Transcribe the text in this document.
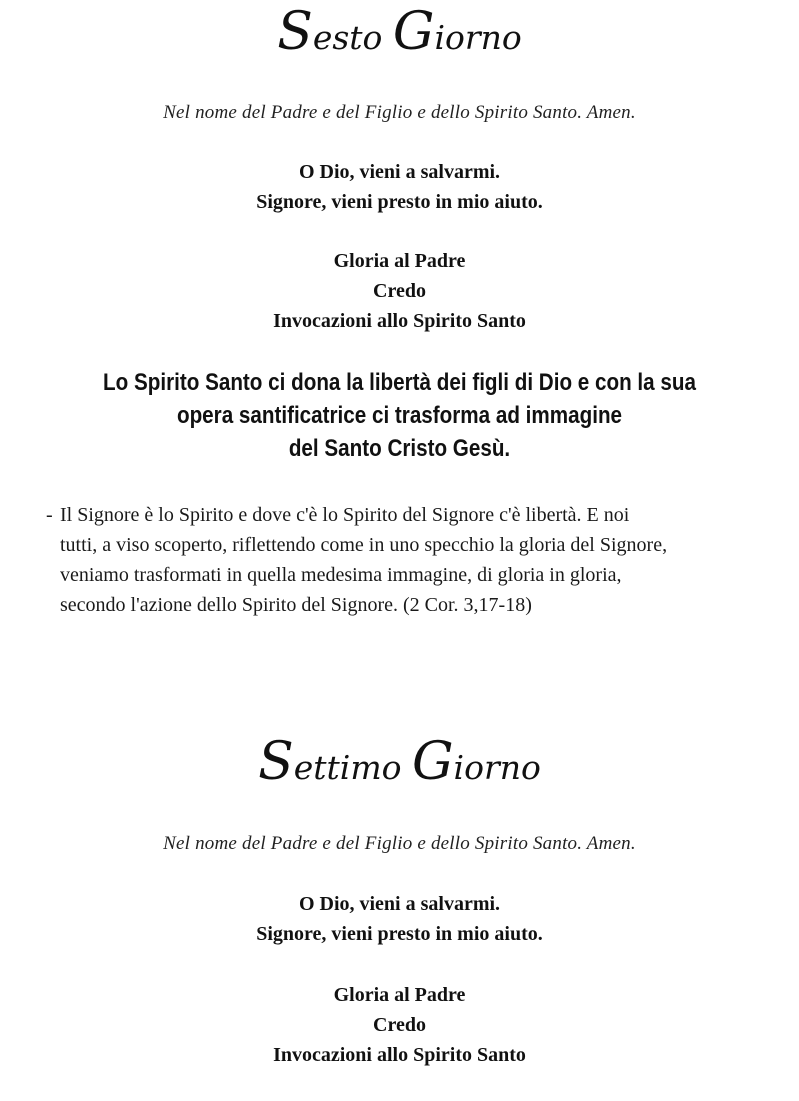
Sesto Giorno
Nel nome del Padre e del Figlio e dello Spirito Santo. Amen.
O Dio, vieni a salvarmi.
Signore, vieni presto in mio aiuto.
Gloria al Padre
Credo
Invocazioni allo Spirito Santo
Lo Spirito Santo ci dona la libertà dei figli di Dio e con la sua
opera santificatrice ci trasforma ad immagine
del Santo Cristo Gesù.
- Il Signore è lo Spirito e dove c'è lo Spirito del Signore c'è libertà. E noi
tutti, a viso scoperto, riflettendo come in uno specchio la gloria del Signore,
veniamo trasformati in quella medesima immagine, di gloria in gloria,
secondo l'azione dello Spirito del Signore. (2 Cor. 3,17-18)
Settimo Giorno
Nel nome del Padre e del Figlio e dello Spirito Santo. Amen.
O Dio, vieni a salvarmi.
Signore, vieni presto in mio aiuto.
Gloria al Padre
Credo
Invocazioni allo Spirito Santo
